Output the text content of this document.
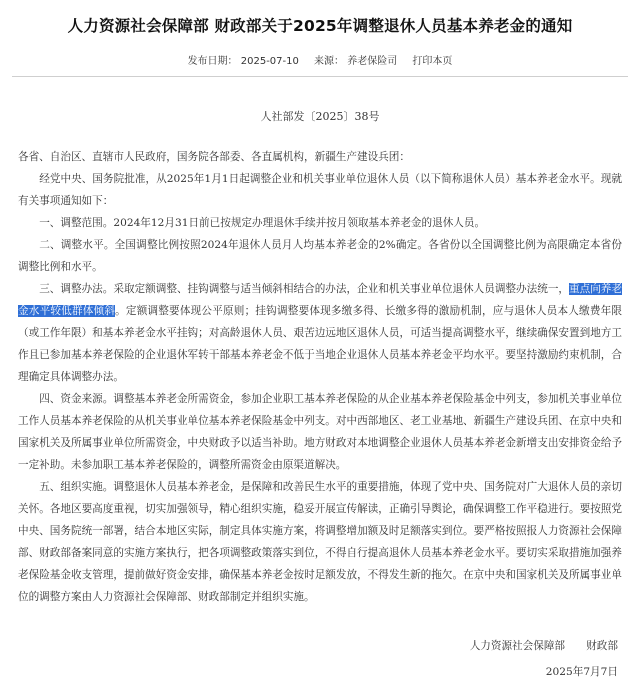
人力资源社会保障部 财政部关于2025年调整退休人员基本养老金的通知
发布日期： 2025-07-10 来源： 养老保险司 打印本页
人社部发〔2025〕38号

各省、自治区、直辖市人民政府，国务院各部委、各直属机构，新疆生产建设兵团：

经党中央、国务院批准，从2025年1月1日起调整企业和机关事业单位退休人员（以下简称退休人员）基本养老金水平。现就有关事项通知如下：

一、调整范围。2024年12月31日前已按规定办理退休手续并按月领取基本养老金的退休人员。

二、调整水平。全国调整比例按照2024年退休人员月人均基本养老金的2%确定。各省份以全国调整比例为高限确定本省份调整比例和水平。

三、调整办法。采取定额调整、挂钩调整与适当倾斜相结合的办法，企业和机关事业单位退休人员调整办法统一，重点向养老金水平较低群体倾斜。定额调整要体现公平原则；挂钩调整要体现多缴多得、长缴多得的激励机制，应与退休人员本人缴费年限（或工作年限）和基本养老金水平挂钩；对高龄退休人员、艰苦边远地区退休人员，可适当提高调整水平，继续确保安置到地方工作且已参加基本养老保险的企业退休军转干部基本养老金不低于当地企业退休人员基本养老金平均水平。要坚持激励约束机制，合理确定具体调整办法。

四、资金来源。调整基本养老金所需资金，参加企业职工基本养老保险的从企业基本养老保险基金中列支，参加机关事业单位工作人员基本养老保险的从机关事业单位基本养老保险基金中列支。对中西部地区、老工业基地、新疆生产建设兵团、在京中央和国家机关及所属事业单位所需资金，中央财政予以适当补助。地方财政对本地调整企业退休人员基本养老金新增支出安排资金给予一定补助。未参加职工基本养老保险的，调整所需资金由原渠道解决。

五、组织实施。调整退休人员基本养老金，是保障和改善民生水平的重要措施，体现了党中央、国务院对广大退休人员的亲切关怀。各地区要高度重视，切实加强领导，精心组织实施，稳妥开展宣传解读，正确引导舆论，确保调整工作平稳进行。要按照党中央、国务院统一部署，结合本地区实际，制定具体实施方案，将调整增加额及时足额落实到位。要严格按照报人力资源社会保障部、财政部备案同意的实施方案执行，把各项调整政策落实到位，不得自行提高退休人员基本养老金水平。要切实采取措施加强养老保险基金收支管理，提前做好资金安排，确保基本养老金按时足额发放，不得发生新的拖欠。在京中央和国家机关及所属事业单位的调整方案由人力资源社会保障部、财政部制定并组织实施。

人力资源社会保障部　　财政部
2025年7月7日
